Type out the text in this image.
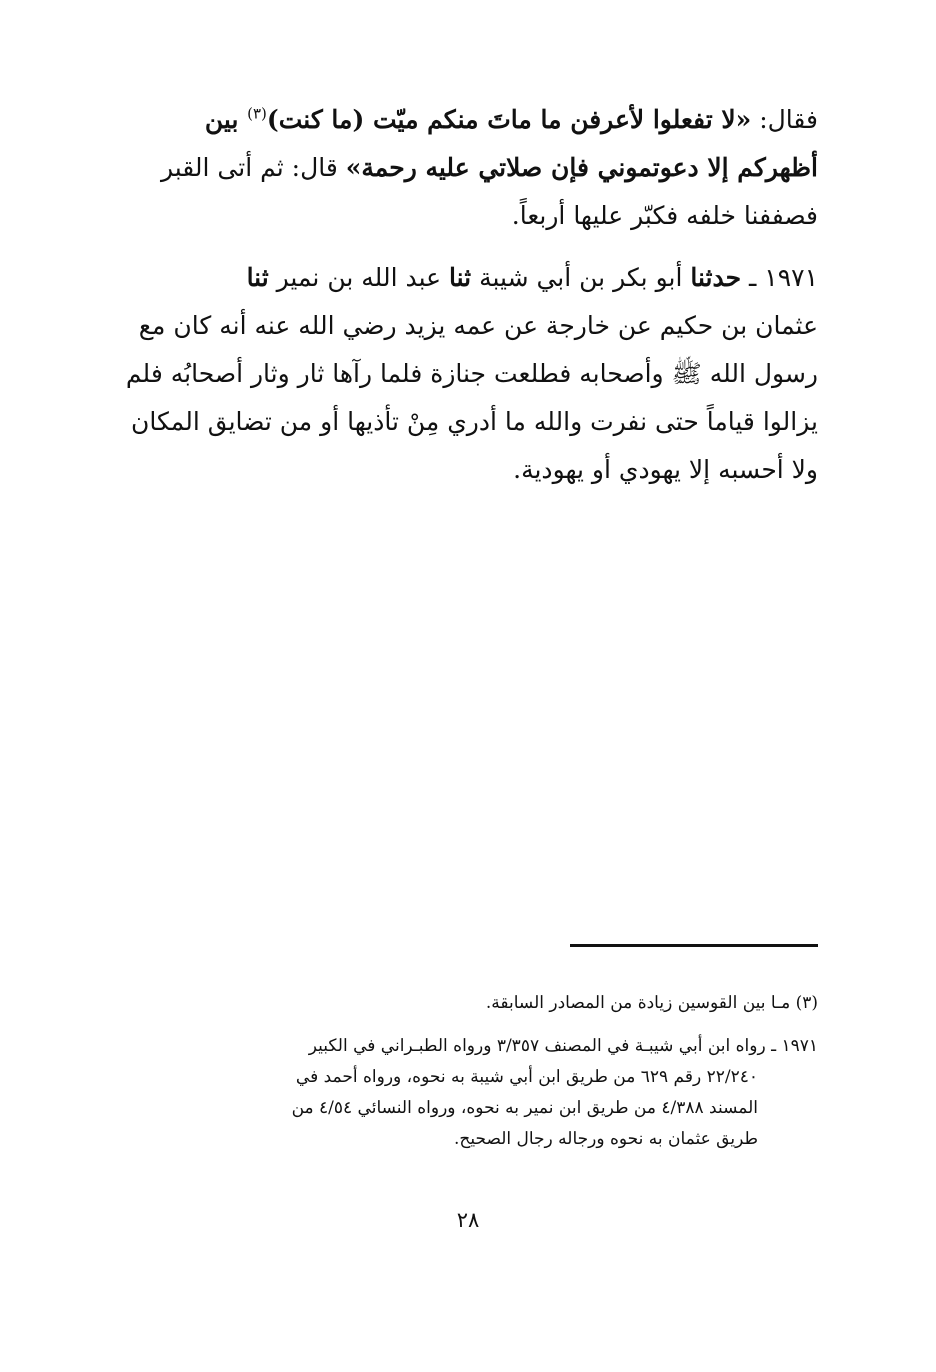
فقال: «لا تفعلوا لأعرفن ما ماتَ منكم ميّت (ما كنت)$^{(٣)}$ بين
أظهركم إلا دعوتموني فإن صلاتي عليه رحمة» قال: ثم أتى القبر
فصففنا خلفه فكبّر عليها أربعاً.

١٩٧١ ـ حدثنا أبو بكر بن أبي شيبة ثنا عبد الله بن نمير ثنا
عثمان بن حكيم عن خارجة عن عمه يزيد رضي الله عنه أنه كان مع
رسول الله ﷺ وأصحابه فطلعت جنازة فلما رآها ثار وثار أصحابُه فلم
يزالوا قياماً حتى نفرت والله ما أدري مِنْ تأذيها أو من تضايق المكان
ولا أحسبه إلا يهودي أو يهودية.

(٣) مـا بين القوسين زيادة من المصادر السابقة.
١٩٧١ ـ رواه ابن أبي شيبـة في المصنف ٣/٣٥٧ ورواه الطبـراني في الكبير
٢٢/٢٤٠ رقم ٦٢٩ من طريق ابن أبي شيبة به نحوه، ورواه أحمد في
المسند ٤/٣٨٨ من طريق ابن نمير به نحوه، ورواه النسائي ٤/٥٤ من
طريق عثمان به نحوه ورجاله رجال الصحيح.
٢٨
